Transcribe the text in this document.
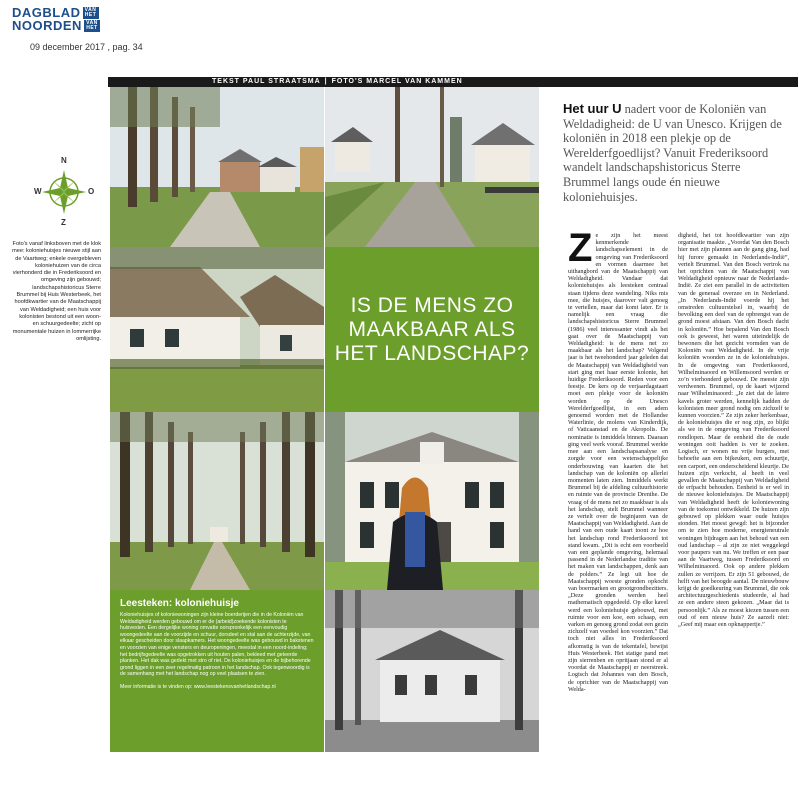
DAGBLAD VAN HET
NOORDEN VAN HET
09 december 2017 , pag. 34
TEKST PAUL STRAATSMA | FOTO'S MARCEL VAN KAMMEN
N
Z
W	O
Foto's vanaf linksboven met de klok mee: koloniehuisjes nieuwe stijl aan de Vaartweg; enkele overgebleven koloniehuizen van de circa vierhonderd die in Frederiksoord en omgeving zijn gebouwd; landschapshistoricus Sterre Brummel bij Huis Westerbeek, het hoofdkwartier van de Maatschappij van Weldadigheid; een huis voor kolonisten bestond uit een woon- en schuurgedeelte; zicht op monumentale huizen in lommerrijke omlijsting.
IS DE MENS ZO MAAKBAAR ALS HET LANDSCHAP?
Leesteken: koloniehuisje
Koloniehuisjes of koloniewoningen zijn kleine boerderijen die in de Koloniën van Weldadigheid werden gebouwd om er de (arbeid)zoekende kolonisten te huisvesten. Een dergelijke woning omvatte oorspronkelijk een eenvoudig woongedeelte aan de voorzijde en schuur, dorsdeel en stal aan de achterzijde, van elkaar gescheiden door slaapkamers. Het woongedeelte was gebouwd in bakstenen en voorzien van enige vensters en deuropeningen, meestal in een noord-indeling; het bedrijfsgedeelte was opgetrokken uit houten palen, bekleed met geteerde planken. Het dak was gedekt met stro of riet. De koloniehuisjes en de bijbehorende grond liggen in een zeer regelmatig patroon in het landschap. Ook tegenwoordig is de samenhang met het landschap nog op veel plaatsen te zien.
Meer informatie is te vinden op: www.leestekensvanhetlandschap.nl
Het uur U nadert voor de Koloniën van Weldadigheid: de U van Unesco. Krijgen de koloniën in 2018 een plekje op de Werelderfgoedlijst? Vanuit Frederiksoord wandelt landschapshistoricus Sterre Brummel langs oude én nieuwe koloniehuisjes.
Z e zijn het meest kenmerkende landschapselement in de omgeving van Frederiksoord en vormen daarmee het uithangbord van de Maatschappij van Weldadigheid. Vandaar dat koloniehuisjes als leesteken centraal staan tijdens deze wandeling. Niks mis mee, die huisjes, daarover valt genoeg te vertellen, maar dat komt later. Er is namelijk een vraag die landschapshistoricus Sterre Brummel (1986) veel interessanter vindt als het gaat over de Maatschappij van Weldadigheid: is de mens net zo maakbaar als het landschap? Volgend jaar is het tweehonderd jaar geleden dat de Maatschappij van Weldadigheid van start ging met haar eerste kolonie, het huidige Frederiksoord. Reden voor een feestje. De kers op de verjaardagstaart moet een plekje voor de koloniën worden op de Unesco Werelderfgoedlijst, in een adem genoemd worden met de Hollandse Waterlinie, de molens van Kinderdijk, of Vaticaanstad en de Akropolis. De nominatie is inmiddels binnen. Daaraan ging veel werk vooraf. Brummel werkte mee aan een landschapsanalyse en zorgde voor een wetenschappelijke onderbouwing van kaarten die het landschap van de koloniën op allerlei momenten laten zien. Inmiddels werkt Brummel bij de afdeling cultuurhistorie en ruimte van de provincie Drenthe. De vraag of de mens net zo maakbaar is als het landschap, stelt Brummel wanneer ze vertelt over de beginjaren van de Maatschappij van Weldadigheid. Aan de hand van een oude kaart toont ze hoe het landschap rond Frederiksoord tot stand kwam. „Dit is echt een voorbeeld van een geplande omgeving, helemaal passend in de Nederlandse traditie van het maken van landschappen, denk aan de polders.” Ze legt uit hoe de Maatschappij woeste gronden opkocht van boermarken en grootgrondbezitters. „Deze gronden werden heel mathematisch opgedeeld. Op elke kavel werd een koloniehuisje gebouwd, met ruimte voor een koe, een schaap, een varken en genoeg grond zodat een gezin zichzelf van voedsel kon voorzien.” Dat toch niet alles in Frederiksoord afkomstig is van de tekentafel, bewijst Huis Westerbeek. Het statige pand met zijn sierrenben en opritjaan stond er al voordat de Maatschappij er neerstreek. Logisch dat Johannes van den Bosch, de oprichter van de Maatschappij van Welda-

digheid, het tot hoofdkwartier van zijn organisatie maakte. „Voordat Van den Bosch hier met zijn plannen aan de gang ging, had hij furore gemaakt in Nederlands-Indië”, vertelt Brummel. Van den Bosch vertrok na het oprichten van de Maatschappij van Weldadigheid opnieuw naar de Nederlands-Indië. Ze ziet een parallel in de activiteiten van de generaal overzee en in Nederland. „In Nederlands-Indië voerde hij het omstreden cultuurstelsel in, waarbij de bevolking een deel van de opbrengst van de grond moest afstaan. Van den Bosch dacht in koloniën.” Hoe bepalend Van den Bosch ook is geweest, het waren uiteindelijk de bewoners die het gezicht vormden van de Koloniën van Weldadigheid. In de vrije koloniën woonden ze in de koloniehuisjes. In de omgeving van Frederiksoord, Wilhelminaoord en Willemsoord werden er zo’n vierhonderd gebouwd. De meeste zijn verdwenen. Brummel, op de kaart wijzend naar Wilhelminaoord: „Je ziet dat de latere kavels groter werden, kennelijk hadden de kolonisten meer grond nodig om zichzelf te kunnen voorzien.” Ze zijn zeker herkenbaar, de koloniehuisjes die er nog zijn, zo blijkt als we in de omgeving van Frederiksoord rondlopen. Maar de eenheid die de oude woningen ooit hadden is ver te zoeken. Logisch, er wonen nu vrije burgers, met behoefte aan een bijkeuken, een schuurtje, een carport, een onderscheidend kleurtje. De huizen zijn verkocht, al heeft in veel gevallen de Maatschappij van Weldadigheid de erfpacht behouden. Eenheid is er wel in de nieuwe koloniehuisjes. De Maatschappij van Weldadigheid heeft de koloniewoning van de toekomst ontwikkeld. De huizen zijn gebouwd op plekken waar oude huisjes stonden. Het moest gewgd: het is bijzonder om te zien hoe moderne, energieneutrale woningen bijdragen aan het behoud van een oud landschap – al zijn ze niet weggelegd voor paupers van nu. We treffen er een paar aan de Vaartweg, tussen Frederiksoord en Wilhelminaoord. Ook op andere plekken zullen ze verrijzen. Er zijn 51 gebouwd, de helft van het beoogde aantal. De nieuwbouw krijgt de goedkeuring van Brummel, die ook architectuurgeschiedenis studeerde, al had ze een andere steen gekozen. „Maar dat is persoonlijk.” Als ze moest kiezen tussen een oud of een nieuw huis? Ze aarzelt niet: „Geef mij maar een opknappertje.”
